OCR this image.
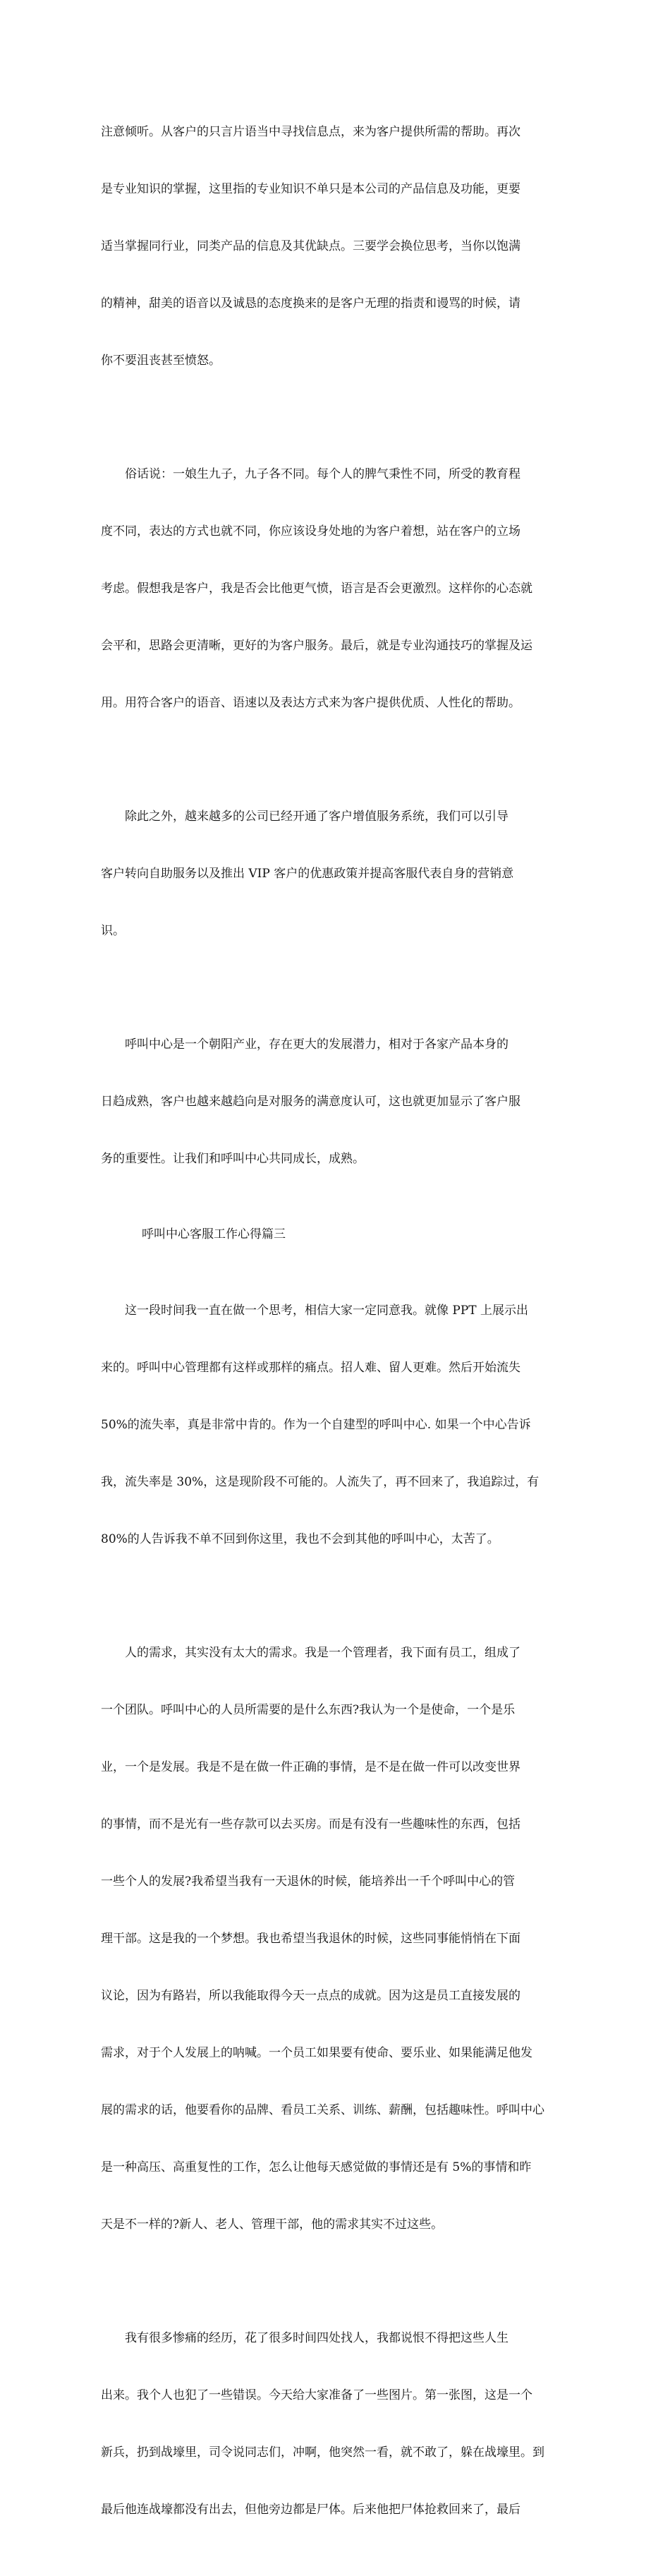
注意倾听。从客户的只言片语当中寻找信息点，来为客户提供所需的帮助。再次

是专业知识的掌握，这里指的专业知识不单只是本公司的产品信息及功能，更要

适当掌握同行业，同类产品的信息及其优缺点。三要学会换位思考，当你以饱满

的精神，甜美的语音以及诚恳的态度换来的是客户无理的指责和谩骂的时候，请

你不要沮丧甚至愤怒。

　　俗话说：一娘生九子，九子各不同。每个人的脾气秉性不同，所受的教育程

度不同，表达的方式也就不同，你应该设身处地的为客户着想，站在客户的立场

考虑。假想我是客户，我是否会比他更气愤，语言是否会更激烈。这样你的心态就

会平和，思路会更清晰，更好的为客户服务。最后，就是专业沟通技巧的掌握及运

用。用符合客户的语音、语速以及表达方式来为客户提供优质、人性化的帮助。

　　除此之外，越来越多的公司已经开通了客户增值服务系统，我们可以引导

客户转向自助服务以及推出 VIP 客户的优惠政策并提高客服代表自身的营销意

识。

　　呼叫中心是一个朝阳产业，存在更大的发展潜力，相对于各家产品本身的

日趋成熟，客户也越来越趋向是对服务的满意度认可，这也就更加显示了客户服

务的重要性。让我们和呼叫中心共同成长，成熟。

呼叫中心客服工作心得篇三

　　这一段时间我一直在做一个思考，相信大家一定同意我。就像 PPT 上展示出

来的。呼叫中心管理都有这样或那样的痛点。招人难、留人更难。然后开始流失

50%的流失率，真是非常中肯的。作为一个自建型的呼叫中心. 如果一个中心告诉

我，流失率是 30%，这是现阶段不可能的。人流失了，再不回来了，我追踪过，有

80%的人告诉我不单不回到你这里，我也不会到其他的呼叫中心，太苦了。

　　人的需求，其实没有太大的需求。我是一个管理者，我下面有员工，组成了

一个团队。呼叫中心的人员所需要的是什么东西?我认为一个是使命，一个是乐

业，一个是发展。我是不是在做一件正确的事情，是不是在做一件可以改变世界

的事情，而不是光有一些存款可以去买房。而是有没有一些趣味性的东西，包括

一些个人的发展?我希望当我有一天退休的时候，能培养出一千个呼叫中心的管

理干部。这是我的一个梦想。我也希望当我退休的时候，这些同事能悄悄在下面

议论，因为有路岩，所以我能取得今天一点点的成就。因为这是员工直接发展的

需求，对于个人发展上的呐喊。一个员工如果要有使命、要乐业、如果能满足他发

展的需求的话，他要看你的品牌、看员工关系、训练、薪酬，包括趣味性。呼叫中心

是一种高压、高重复性的工作，怎么让他每天感觉做的事情还是有 5%的事情和昨

天是不一样的?新人、老人、管理干部，他的需求其实不过这些。

　　我有很多惨痛的经历，花了很多时间四处找人，我都说恨不得把这些人生

出来。我个人也犯了一些错误。今天给大家准备了一些图片。第一张图，这是一个

新兵，扔到战壕里，司令说同志们，冲啊，他突然一看，就不敢了，躲在战壕里。到

最后他连战壕都没有出去，但他旁边都是尸体。后来他把尸体抢救回来了，最后
